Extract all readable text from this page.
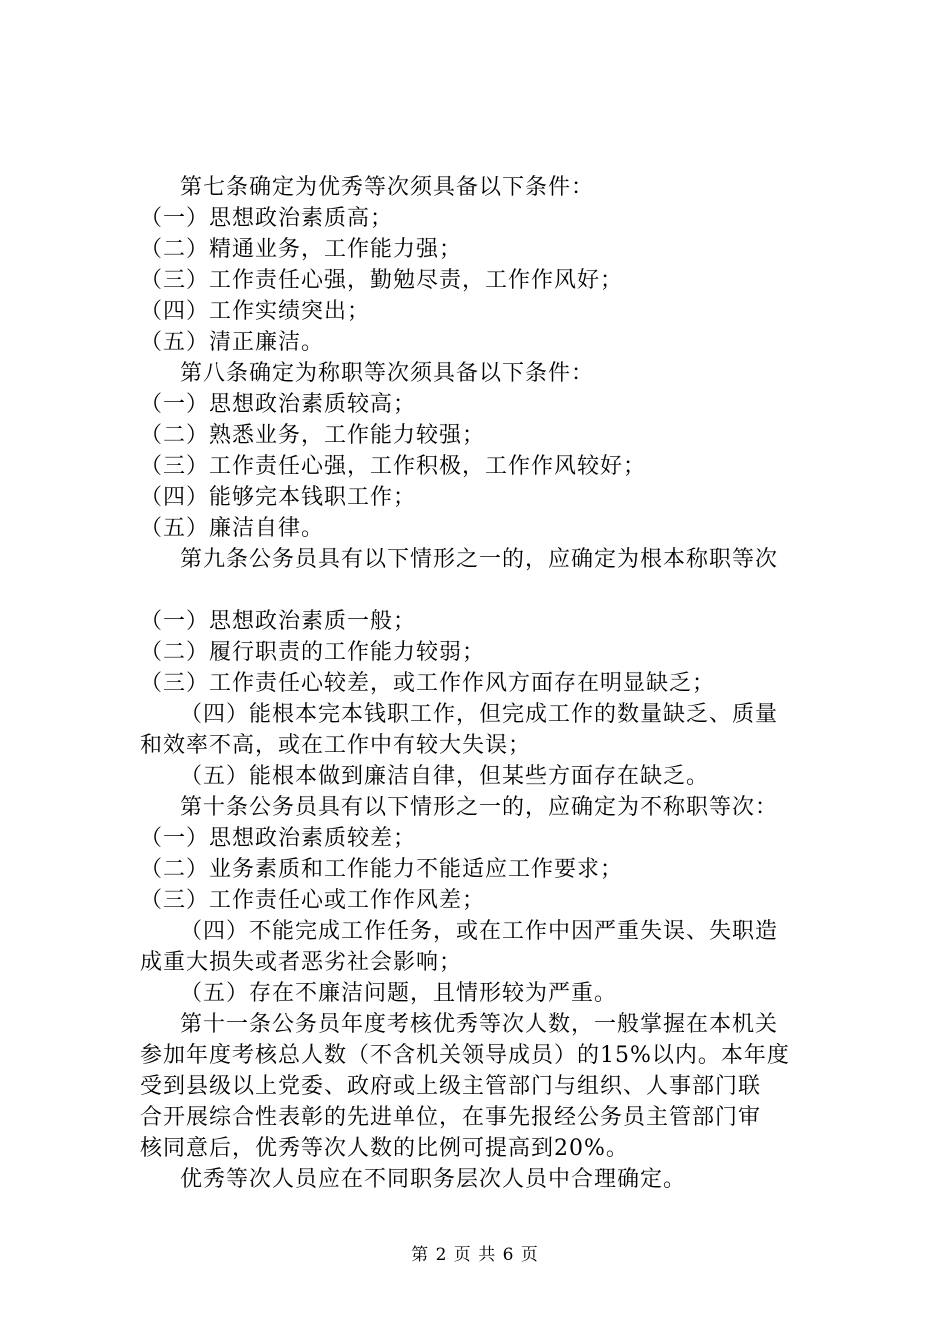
第七条确定为优秀等次须具备以下条件：
（一）思想政治素质高；
（二）精通业务，工作能力强；
（三）工作责任心强，勤勉尽责，工作作风好；
（四）工作实绩突出；
（五）清正廉洁。
第八条确定为称职等次须具备以下条件：
（一）思想政治素质较高；
（二）熟悉业务，工作能力较强；
（三）工作责任心强，工作积极，工作作风较好；
（四）能够完本钱职工作；
（五）廉洁自律。
第九条公务员具有以下情形之一的，应确定为根本称职等次
（一）思想政治素质一般；
（二）履行职责的工作能力较弱；
（三）工作责任心较差，或工作作风方面存在明显缺乏；
（四）能根本完本钱职工作，但完成工作的数量缺乏、质量
和效率不高，或在工作中有较大失误；
（五）能根本做到廉洁自律，但某些方面存在缺乏。
第十条公务员具有以下情形之一的，应确定为不称职等次：
（一）思想政治素质较差；
（二）业务素质和工作能力不能适应工作要求；
（三）工作责任心或工作作风差；
（四）不能完成工作任务，或在工作中因严重失误、失职造
成重大损失或者恶劣社会影响；
（五）存在不廉洁问题，且情形较为严重。
第十一条公务员年度考核优秀等次人数，一般掌握在本机关
参加年度考核总人数（不含机关领导成员）的15%以内。本年度
受到县级以上党委、政府或上级主管部门与组织、人事部门联
合开展综合性表彰的先进单位，在事先报经公务员主管部门审
核同意后，优秀等次人数的比例可提高到20%。
优秀等次人员应在不同职务层次人员中合理确定。
第 2 页 共 6 页
